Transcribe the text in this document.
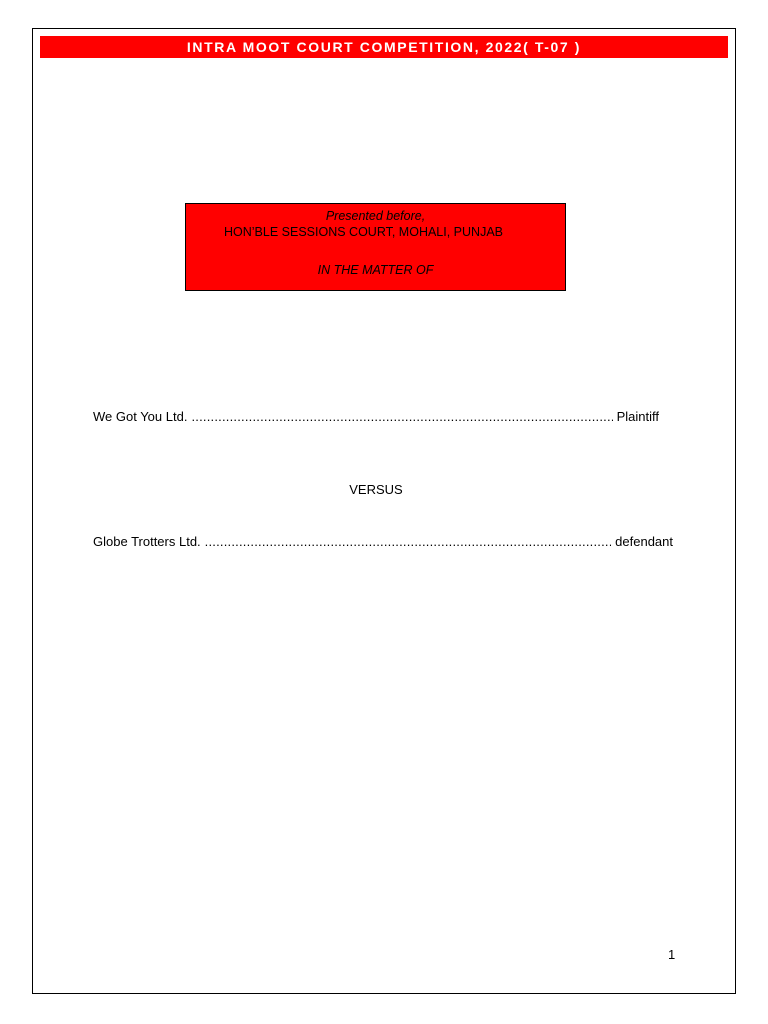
INTRA MOOT COURT COMPETITION, 2022( T-07 )
Presented before,
HON’BLE SESSIONS COURT, MOHALI, PUNJAB
IN THE MATTER OF
We Got You Ltd. .....	Plaintiff
VERSUS
Globe Trotters Ltd. .....	defendant
1
